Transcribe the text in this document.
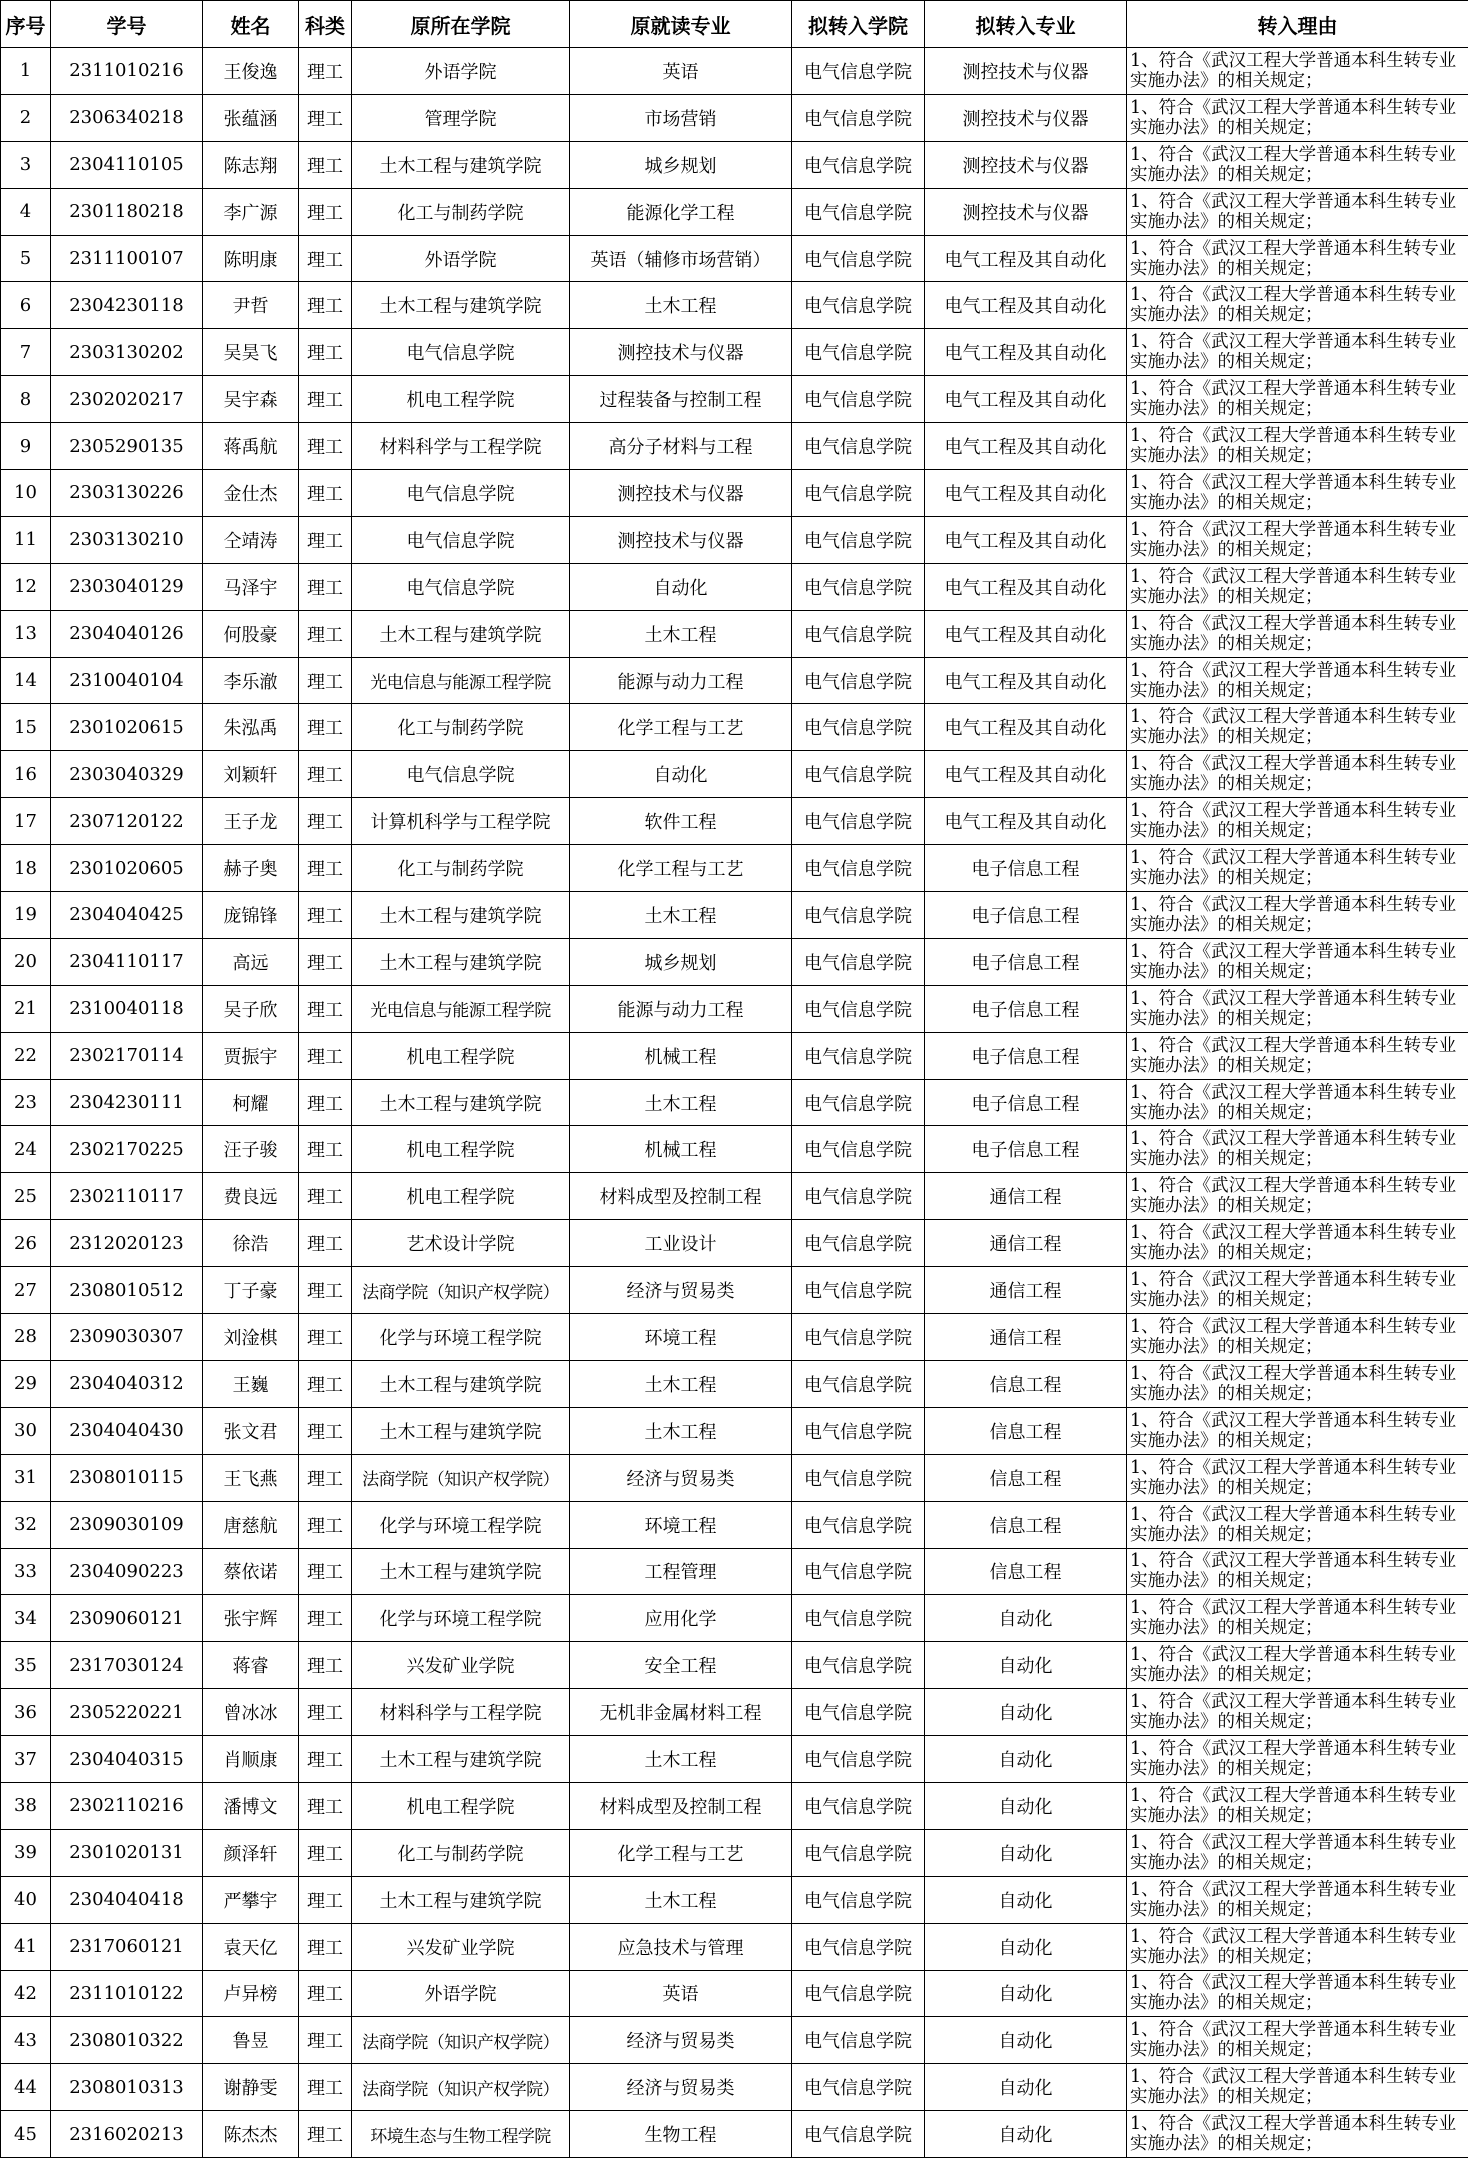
序号	学号	姓名	科类	原所在学院	原就读专业	拟转入学院	拟转入专业	转入理由
1	2311010216	王俊逸	理工	外语学院	英语	电气信息学院	测控技术与仪器	1、符合《武汉工程大学普通本科生转专业实施办法》的相关规定；
2	2306340218	张蕴涵	理工	管理学院	市场营销	电气信息学院	测控技术与仪器	1、符合《武汉工程大学普通本科生转专业实施办法》的相关规定；
3	2304110105	陈志翔	理工	土木工程与建筑学院	城乡规划	电气信息学院	测控技术与仪器	1、符合《武汉工程大学普通本科生转专业实施办法》的相关规定；
4	2301180218	李广源	理工	化工与制药学院	能源化学工程	电气信息学院	测控技术与仪器	1、符合《武汉工程大学普通本科生转专业实施办法》的相关规定；
5	2311100107	陈明康	理工	外语学院	英语（辅修市场营销）	电气信息学院	电气工程及其自动化	1、符合《武汉工程大学普通本科生转专业实施办法》的相关规定；
6	2304230118	尹哲	理工	土木工程与建筑学院	土木工程	电气信息学院	电气工程及其自动化	1、符合《武汉工程大学普通本科生转专业实施办法》的相关规定；
7	2303130202	吴昊飞	理工	电气信息学院	测控技术与仪器	电气信息学院	电气工程及其自动化	1、符合《武汉工程大学普通本科生转专业实施办法》的相关规定；
8	2302020217	吴宇森	理工	机电工程学院	过程装备与控制工程	电气信息学院	电气工程及其自动化	1、符合《武汉工程大学普通本科生转专业实施办法》的相关规定；
9	2305290135	蒋禹航	理工	材料科学与工程学院	高分子材料与工程	电气信息学院	电气工程及其自动化	1、符合《武汉工程大学普通本科生转专业实施办法》的相关规定；
10	2303130226	金仕杰	理工	电气信息学院	测控技术与仪器	电气信息学院	电气工程及其自动化	1、符合《武汉工程大学普通本科生转专业实施办法》的相关规定；
11	2303130210	仝靖涛	理工	电气信息学院	测控技术与仪器	电气信息学院	电气工程及其自动化	1、符合《武汉工程大学普通本科生转专业实施办法》的相关规定；
12	2303040129	马泽宇	理工	电气信息学院	自动化	电气信息学院	电气工程及其自动化	1、符合《武汉工程大学普通本科生转专业实施办法》的相关规定；
13	2304040126	何股豪	理工	土木工程与建筑学院	土木工程	电气信息学院	电气工程及其自动化	1、符合《武汉工程大学普通本科生转专业实施办法》的相关规定；
14	2310040104	李乐澈	理工	光电信息与能源工程学院	能源与动力工程	电气信息学院	电气工程及其自动化	1、符合《武汉工程大学普通本科生转专业实施办法》的相关规定；
15	2301020615	朱泓禹	理工	化工与制药学院	化学工程与工艺	电气信息学院	电气工程及其自动化	1、符合《武汉工程大学普通本科生转专业实施办法》的相关规定；
16	2303040329	刘颖轩	理工	电气信息学院	自动化	电气信息学院	电气工程及其自动化	1、符合《武汉工程大学普通本科生转专业实施办法》的相关规定；
17	2307120122	王子龙	理工	计算机科学与工程学院	软件工程	电气信息学院	电气工程及其自动化	1、符合《武汉工程大学普通本科生转专业实施办法》的相关规定；
18	2301020605	赫子奥	理工	化工与制药学院	化学工程与工艺	电气信息学院	电子信息工程	1、符合《武汉工程大学普通本科生转专业实施办法》的相关规定；
19	2304040425	庞锦锋	理工	土木工程与建筑学院	土木工程	电气信息学院	电子信息工程	1、符合《武汉工程大学普通本科生转专业实施办法》的相关规定；
20	2304110117	高远	理工	土木工程与建筑学院	城乡规划	电气信息学院	电子信息工程	1、符合《武汉工程大学普通本科生转专业实施办法》的相关规定；
21	2310040118	吴子欣	理工	光电信息与能源工程学院	能源与动力工程	电气信息学院	电子信息工程	1、符合《武汉工程大学普通本科生转专业实施办法》的相关规定；
22	2302170114	贾振宇	理工	机电工程学院	机械工程	电气信息学院	电子信息工程	1、符合《武汉工程大学普通本科生转专业实施办法》的相关规定；
23	2304230111	柯耀	理工	土木工程与建筑学院	土木工程	电气信息学院	电子信息工程	1、符合《武汉工程大学普通本科生转专业实施办法》的相关规定；
24	2302170225	汪子骏	理工	机电工程学院	机械工程	电气信息学院	电子信息工程	1、符合《武汉工程大学普通本科生转专业实施办法》的相关规定；
25	2302110117	费良远	理工	机电工程学院	材料成型及控制工程	电气信息学院	通信工程	1、符合《武汉工程大学普通本科生转专业实施办法》的相关规定；
26	2312020123	徐浩	理工	艺术设计学院	工业设计	电气信息学院	通信工程	1、符合《武汉工程大学普通本科生转专业实施办法》的相关规定；
27	2308010512	丁子豪	理工	法商学院（知识产权学院）	经济与贸易类	电气信息学院	通信工程	1、符合《武汉工程大学普通本科生转专业实施办法》的相关规定；
28	2309030307	刘淦棋	理工	化学与环境工程学院	环境工程	电气信息学院	通信工程	1、符合《武汉工程大学普通本科生转专业实施办法》的相关规定；
29	2304040312	王巍	理工	土木工程与建筑学院	土木工程	电气信息学院	信息工程	1、符合《武汉工程大学普通本科生转专业实施办法》的相关规定；
30	2304040430	张文君	理工	土木工程与建筑学院	土木工程	电气信息学院	信息工程	1、符合《武汉工程大学普通本科生转专业实施办法》的相关规定；
31	2308010115	王飞燕	理工	法商学院（知识产权学院）	经济与贸易类	电气信息学院	信息工程	1、符合《武汉工程大学普通本科生转专业实施办法》的相关规定；
32	2309030109	唐慈航	理工	化学与环境工程学院	环境工程	电气信息学院	信息工程	1、符合《武汉工程大学普通本科生转专业实施办法》的相关规定；
33	2304090223	蔡依诺	理工	土木工程与建筑学院	工程管理	电气信息学院	信息工程	1、符合《武汉工程大学普通本科生转专业实施办法》的相关规定；
34	2309060121	张宇辉	理工	化学与环境工程学院	应用化学	电气信息学院	自动化	1、符合《武汉工程大学普通本科生转专业实施办法》的相关规定；
35	2317030124	蒋睿	理工	兴发矿业学院	安全工程	电气信息学院	自动化	1、符合《武汉工程大学普通本科生转专业实施办法》的相关规定；
36	2305220221	曾冰冰	理工	材料科学与工程学院	无机非金属材料工程	电气信息学院	自动化	1、符合《武汉工程大学普通本科生转专业实施办法》的相关规定；
37	2304040315	肖顺康	理工	土木工程与建筑学院	土木工程	电气信息学院	自动化	1、符合《武汉工程大学普通本科生转专业实施办法》的相关规定；
38	2302110216	潘博文	理工	机电工程学院	材料成型及控制工程	电气信息学院	自动化	1、符合《武汉工程大学普通本科生转专业实施办法》的相关规定；
39	2301020131	颜泽轩	理工	化工与制药学院	化学工程与工艺	电气信息学院	自动化	1、符合《武汉工程大学普通本科生转专业实施办法》的相关规定；
40	2304040418	严攀宇	理工	土木工程与建筑学院	土木工程	电气信息学院	自动化	1、符合《武汉工程大学普通本科生转专业实施办法》的相关规定；
41	2317060121	袁天亿	理工	兴发矿业学院	应急技术与管理	电气信息学院	自动化	1、符合《武汉工程大学普通本科生转专业实施办法》的相关规定；
42	2311010122	卢异榜	理工	外语学院	英语	电气信息学院	自动化	1、符合《武汉工程大学普通本科生转专业实施办法》的相关规定；
43	2308010322	鲁昱	理工	法商学院（知识产权学院）	经济与贸易类	电气信息学院	自动化	1、符合《武汉工程大学普通本科生转专业实施办法》的相关规定；
44	2308010313	谢静雯	理工	法商学院（知识产权学院）	经济与贸易类	电气信息学院	自动化	1、符合《武汉工程大学普通本科生转专业实施办法》的相关规定；
45	2316020213	陈杰杰	理工	环境生态与生物工程学院	生物工程	电气信息学院	自动化	1、符合《武汉工程大学普通本科生转专业实施办法》的相关规定；
